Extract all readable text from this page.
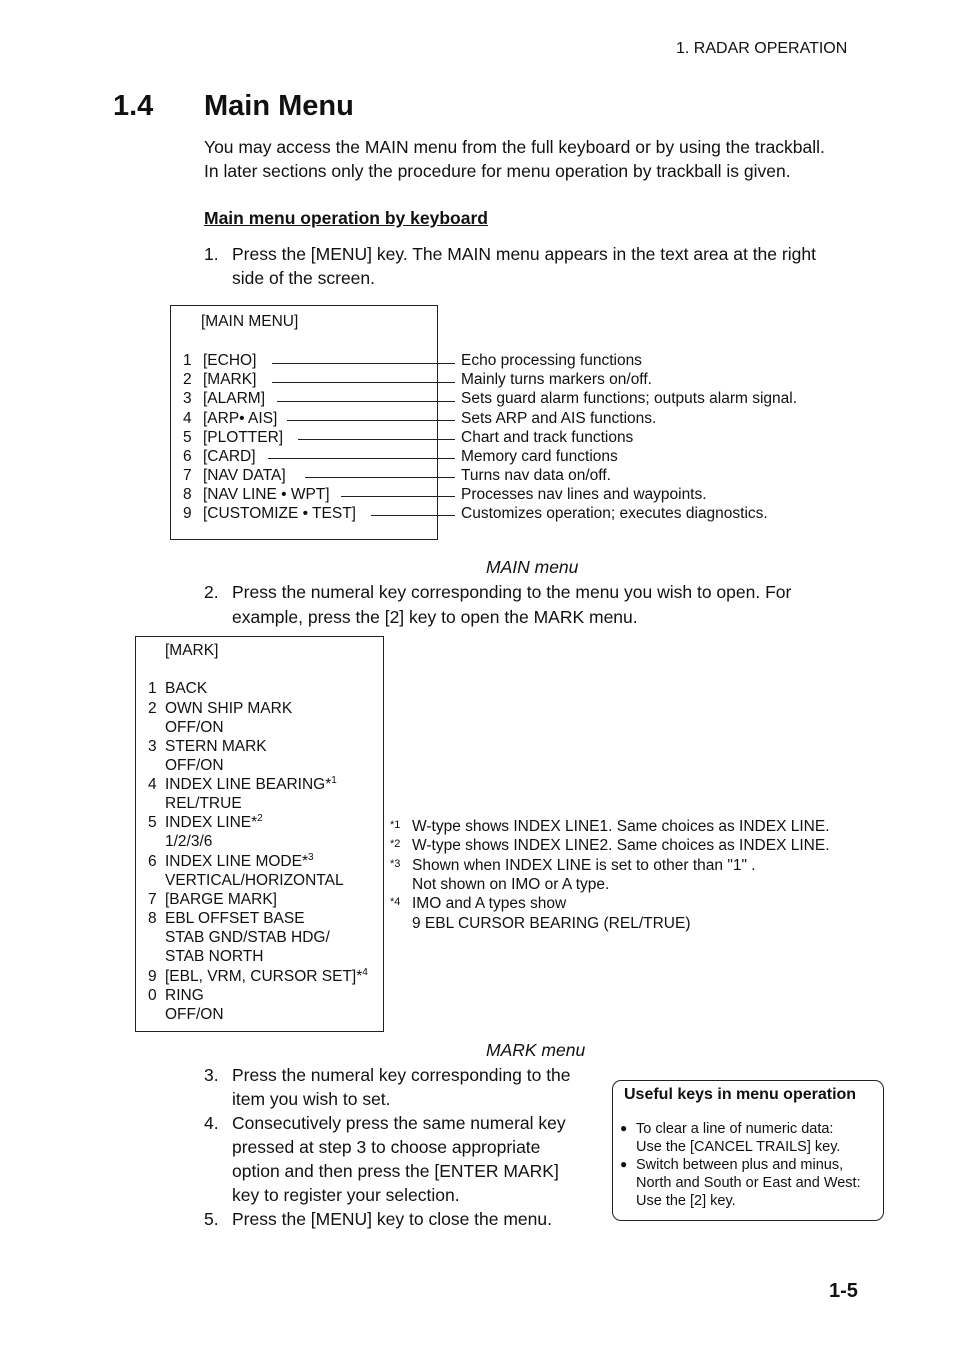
1. RADAR OPERATION
1.4 Main Menu
You may access the MAIN menu from the full keyboard or by using the trackball.
In later sections only the procedure for menu operation by trackball is given.
Main menu operation by keyboard
1. Press the [MENU] key. The MAIN menu appears in the text area at the right
side of the screen.
[MAIN MENU]
1 [ECHO]	Echo processing functions
2 [MARK]	Mainly turns markers on/off.
3 [ALARM]	Sets guard alarm functions; outputs alarm signal.
4 [ARP• AIS]	Sets ARP and AIS functions.
5 [PLOTTER]	Chart and track functions
6 [CARD]	Memory card functions
7 [NAV DATA]	Turns nav data on/off.
8 [NAV LINE • WPT]	Processes nav lines and waypoints.
9 [CUSTOMIZE • TEST]	Customizes operation; executes diagnostics.
MAIN menu
2. Press the numeral key corresponding to the menu you wish to open. For
example, press the [2] key to open the MARK menu.
[MARK]
1 BACK
2 OWN SHIP MARK
OFF/ON
3 STERN MARK
OFF/ON
4 INDEX LINE BEARING*$^1$
REL/TRUE
5 INDEX LINE*$^2$
1/2/3/6
6 INDEX LINE MODE*$^3$
VERTICAL/HORIZONTAL
7 [BARGE MARK]
8 EBL OFFSET BASE
STAB GND/STAB HDG/
STAB NORTH
9 [EBL, VRM, CURSOR SET]*$^4$
0 RING
OFF/ON
*1 W-type shows INDEX LINE1. Same choices as INDEX LINE.
*2 W-type shows INDEX LINE2. Same choices as INDEX LINE.
*3 Shown when INDEX LINE is set to other than "1" .
Not shown on IMO or A type.
*4 IMO and A types show
9 EBL CURSOR BEARING (REL/TRUE)
MARK menu
3. Press the numeral key corresponding to the
item you wish to set.
4. Consecutively press the same numeral key
pressed at step 3 to choose appropriate
option and then press the [ENTER MARK]
key to register your selection.
5. Press the [MENU] key to close the menu.
Useful keys in menu operation
● To clear a line of numeric data:
Use the [CANCEL TRAILS] key.
● Switch between plus and minus,
North and South or East and West:
Use the [2] key.
1-5
